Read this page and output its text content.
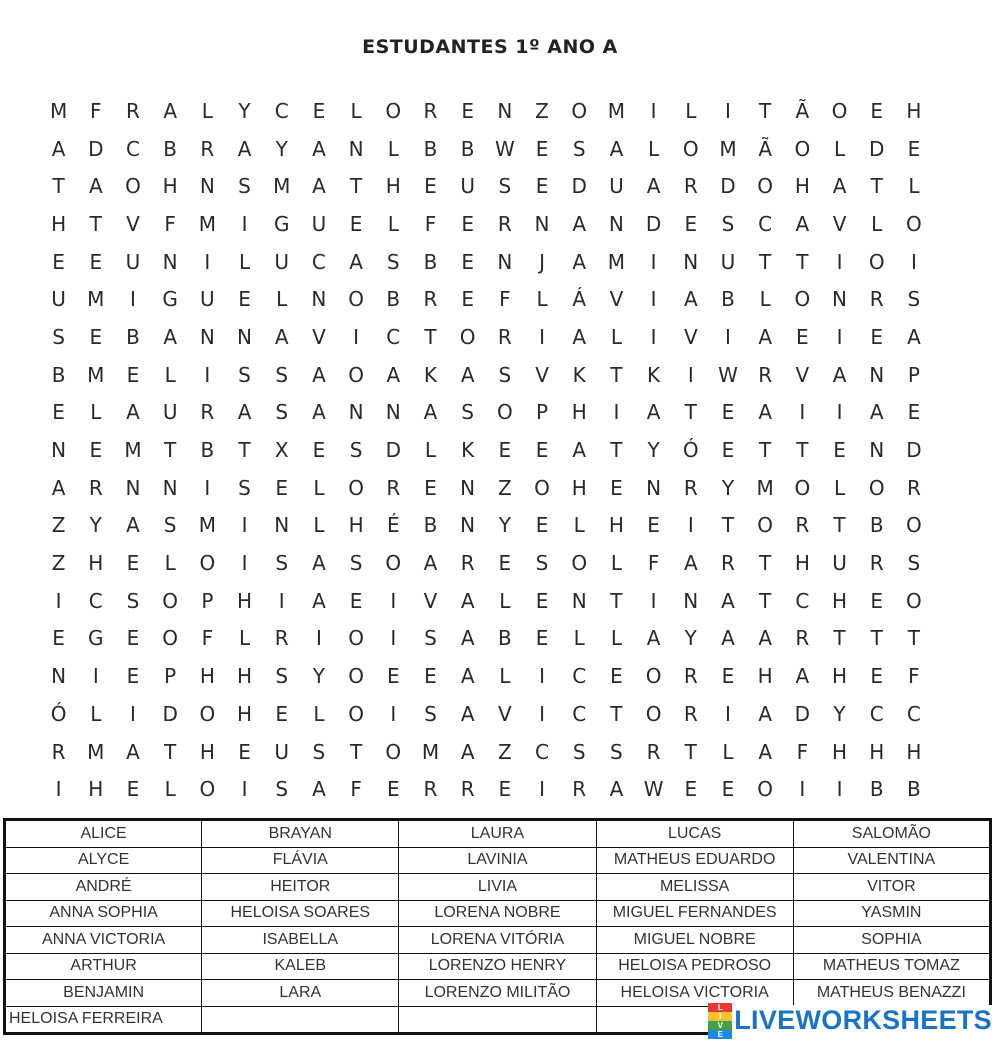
ESTUDANTES 1º ANO A
M	F	R	A	L	Y	C	E	L	O	R	E	N	Z	O	M	I	L	I	T	Ã	O	E	H
A	D	C	B	R	A	Y	A	N	L	B	B	W	E	S	A	L	O	M	Ã	O	L	D	E
T	A	O	H	N	S	M	A	T	H	E	U	S	E	D	U	A	R	D	O	H	A	T	L
H	T	V	F	M	I	G	U	E	L	F	E	R	N	A	N	D	E	S	C	A	V	L	O
E	E	U	N	I	L	U	C	A	S	B	E	N	J	A	M	I	N	U	T	T	I	O	I
U	M	I	G	U	E	L	N	O	B	R	E	F	L	Á	V	I	A	B	L	O	N	R	S
S	E	B	A	N	N	A	V	I	C	T	O	R	I	A	L	I	V	I	A	E	I	E	A
B	M	E	L	I	S	S	A	O	A	K	A	S	V	K	T	K	I	W	R	V	A	N	P
E	L	A	U	R	A	S	A	N	N	A	S	O	P	H	I	A	T	E	A	I	I	A	E
N	E	M	T	B	T	X	E	S	D	L	K	E	E	A	T	Y	Ó	E	T	T	E	N	D
A	R	N	N	I	S	E	L	O	R	E	N	Z	O	H	E	N	R	Y	M	O	L	O	R
Z	Y	A	S	M	I	N	L	H	É	B	N	Y	E	L	H	E	I	T	O	R	T	B	O
Z	H	E	L	O	I	S	A	S	O	A	R	E	S	O	L	F	A	R	T	H	U	R	S
I	C	S	O	P	H	I	A	E	I	V	A	L	E	N	T	I	N	A	T	C	H	E	O
E	G	E	O	F	L	R	I	O	I	S	A	B	E	L	L	A	Y	A	A	R	T	T	T
N	I	E	P	H	H	S	Y	O	E	E	A	L	I	C	E	O	R	E	H	A	H	E	F
Ó	L	I	D	O	H	E	L	O	I	S	A	V	I	C	T	O	R	I	A	D	Y	C	C
R	M	A	T	H	E	U	S	T	O	M	A	Z	C	S	S	R	T	L	A	F	H	H	H
I	H	E	L	O	I	S	A	F	E	R	R	E	I	R	A	W	E	E	O	I	I	B	B
ALICE	BRAYAN	LAURA	LUCAS	SALOMÃO
ALYCE	FLÁVIA	LAVINIA	MATHEUS EDUARDO	VALENTINA
ANDRÉ	HEITOR	LIVIA	MELISSA	VITOR
ANNA SOPHIA	HELOISA SOARES	LORENA NOBRE	MIGUEL FERNANDES	YASMIN
ANNA VICTORIA	ISABELLA	LORENA VITÓRIA	MIGUEL NOBRE	SOPHIA
ARTHUR	KALEB	LORENZO HENRY	HELOISA PEDROSO	MATHEUS TOMAZ
BENJAMIN	LARA	LORENZO MILITÃO	HELOISA VICTORIA	MATHEUS BENAZZI
HELOISA FERREIRA				
L
I
V
E LIVEWORKSHEETS
